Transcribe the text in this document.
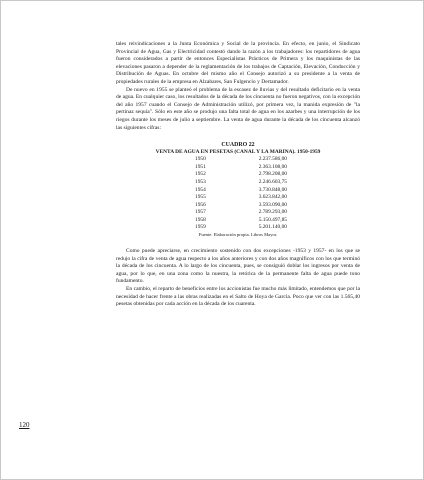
tales reivindicaciones a la Junta Económica y Social de la provincia. En efecto, en junio, el Sindicato Provincial de Agua, Gas y Electricidad contestó dando la razón a los trabajadores: los repartidores de agua fueron considerados a partir de entonces Especialistas Prácticos de Primera y los maquinistas de las elevaciones pasaron a depender de la reglamentación de los trabajos de Captación, Elevación, Conducción y Distribución de Aguas. En octubre del mismo año el Consejo autorizó a su presidente a la venta de propiedades rurales de la empresa en Alzabares, San Fulgencio y Dertamador.

De nuevo en 1955 se planteó el problema de la escasez de lluvias y del resultado deficitario en la venta de agua. En cualquier caso, los resultados de la década de los cincuenta no fueron negativos, con la excepción del año 1957 cuando el Consejo de Administración utilizó, por primera vez, la manida expresión de "la pertinaz sequía". Sólo en este año se produjo una falta total de agua en los azarbes y una interrupción de los riegos durante los meses de julio a septiembre. La venta de agua durante la década de los cincuenta alcanzó las siguientes cifras:

CUADRO 22

VENTA DE AGUA EN PESETAS (CANAL Y LA MARINA). 1950-1959

1950	2.237.586,00
1951	2.363.108,00
1952	2.798.208,00
1953	2.246.603,75
1954	3.730.848,00
1955	3.623.842,00
1956	3.593.090,00
1957	2.789.293,00
1958	5.150.497,85
1959	5.201.140,00

Fuente. Elaboración propia. Libros Mayor.

Como puede apreciarse, en crecimiento sostenido con dos excepciones -1953 y 1957- en los que se redujo la cifra de venta de agua respecto a los años anteriores y con dos años magníficos con los que terminó la década de los cincuenta. A lo largo de los cincuenta, pues, se consiguió doblar los ingresos por venta de agua, por lo que, en una zona como la nuestra, la retórica de la permanente falta de agua puede tono fundamento.

En cambio, el reparto de beneficios entre los accionistas fue mucho más limitado, entendemos que por la necesidad de hacer frente a las obras realizadas en el Salto de Hoya de García. Poco que ver con las 1.565,40 pesetas obtenidas por cada acción en la década de los cuarenta.

120
